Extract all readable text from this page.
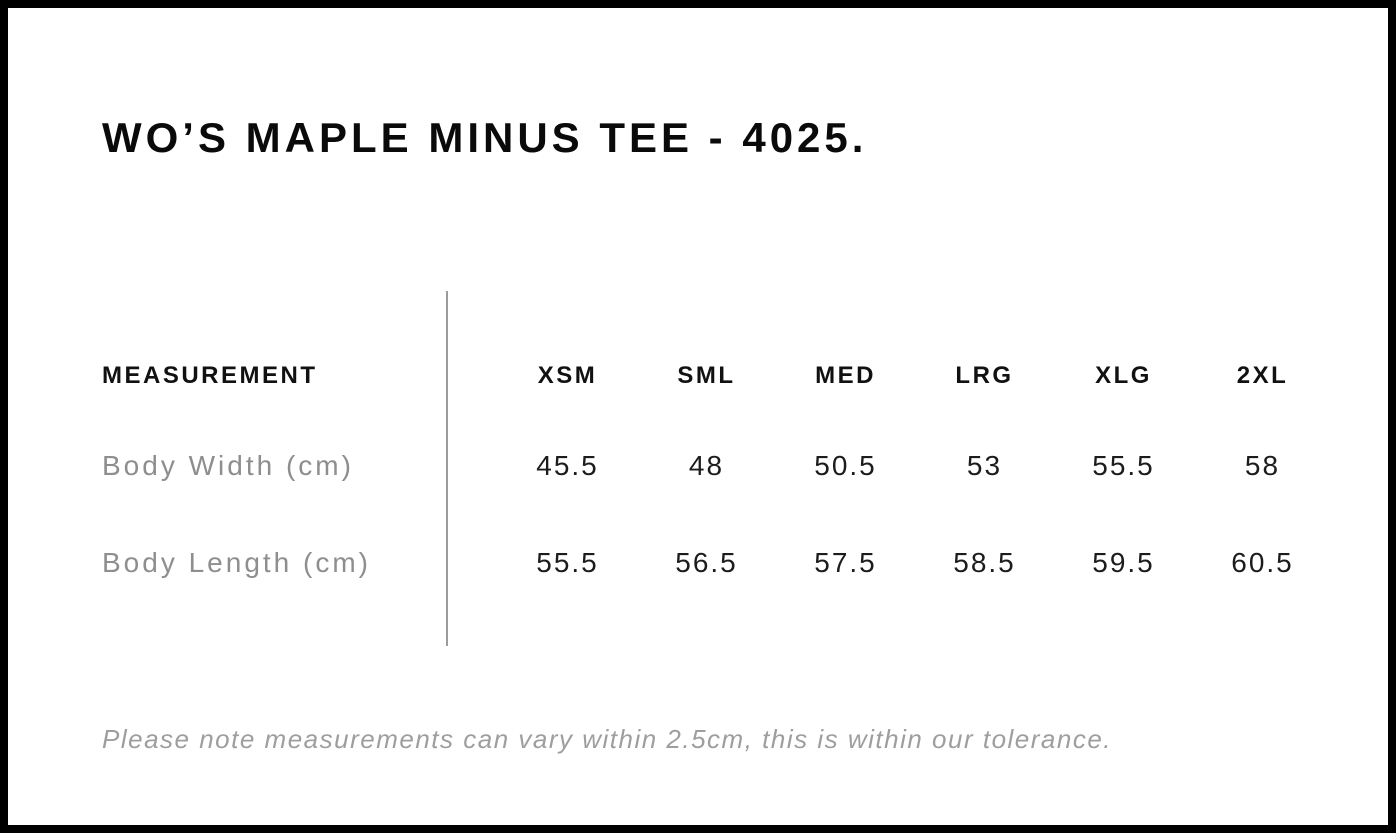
WO’S MAPLE MINUS TEE - 4025.
MEASUREMENT	XSM	SML	MED	LRG	XLG	2XL
Body Width (cm)	45.5	48	50.5	53	55.5	58
Body Length (cm)	55.5	56.5	57.5	58.5	59.5	60.5
Please note measurements can vary within 2.5cm, this is within our tolerance.
